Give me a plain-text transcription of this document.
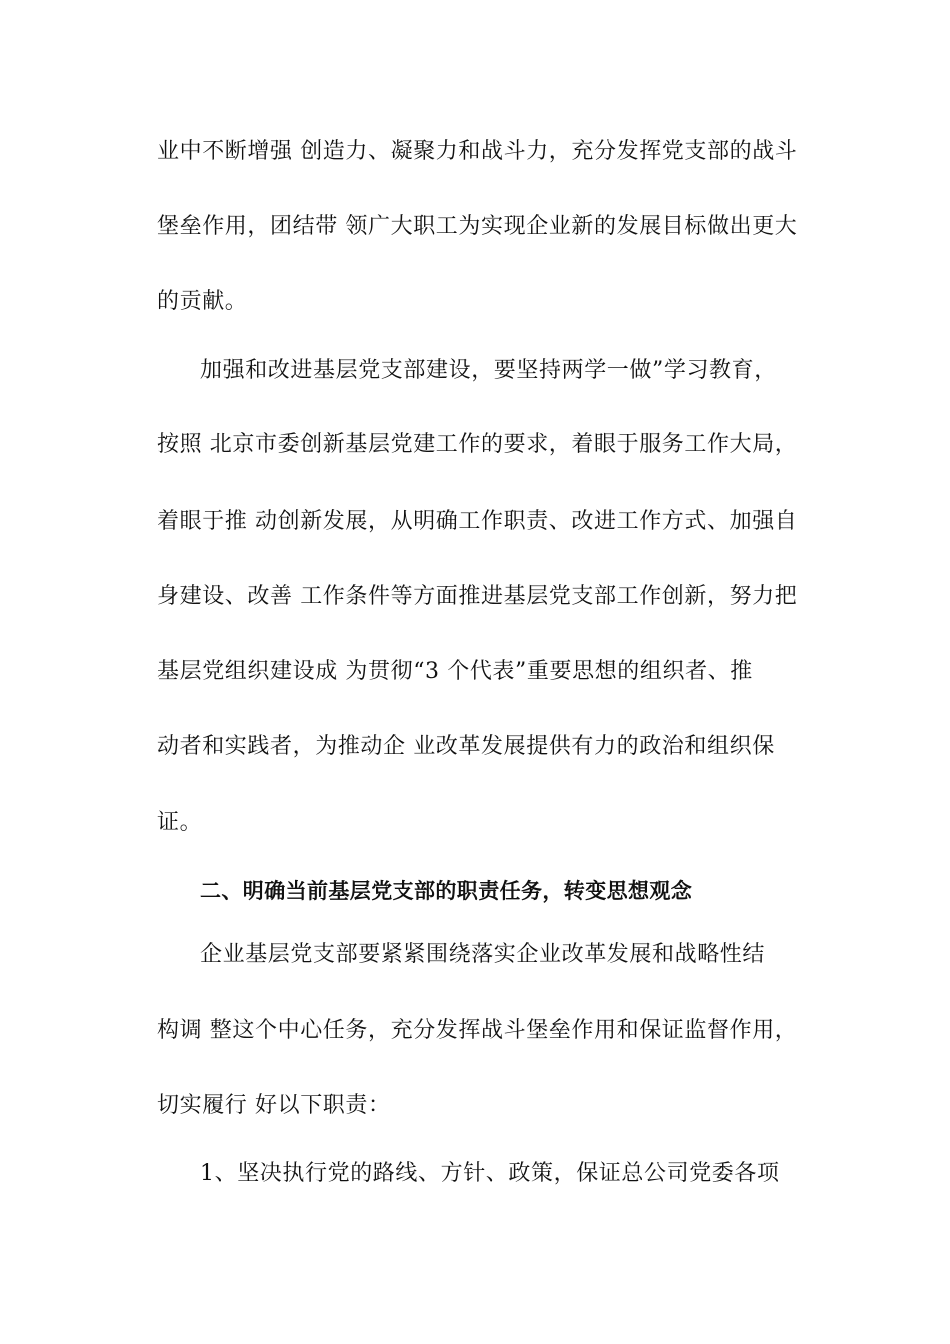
业中不断增强 创造力、凝聚力和战斗力，充分发挥党支部的战斗
堡垒作用，团结带 领广大职工为实现企业新的发展目标做出更大
的贡献。
加强和改进基层党支部建设，要坚持两学一做”学习教育，
按照 北京市委创新基层党建工作的要求，着眼于服务工作大局，
着眼于推 动创新发展，从明确工作职责、改进工作方式、加强自
身建设、改善 工作条件等方面推进基层党支部工作创新，努力把
基层党组织建设成 为贯彻“3 个代表”重要思想的组织者、推
动者和实践者，为推动企 业改革发展提供有力的政治和组织保
证。
二、明确当前基层党支部的职责任务，转变思想观念
企业基层党支部要紧紧围绕落实企业改革发展和战略性结
构调 整这个中心任务，充分发挥战斗堡垒作用和保证监督作用，
切实履行 好以下职责：
1、坚决执行党的路线、方针、政策，保证总公司党委各项
